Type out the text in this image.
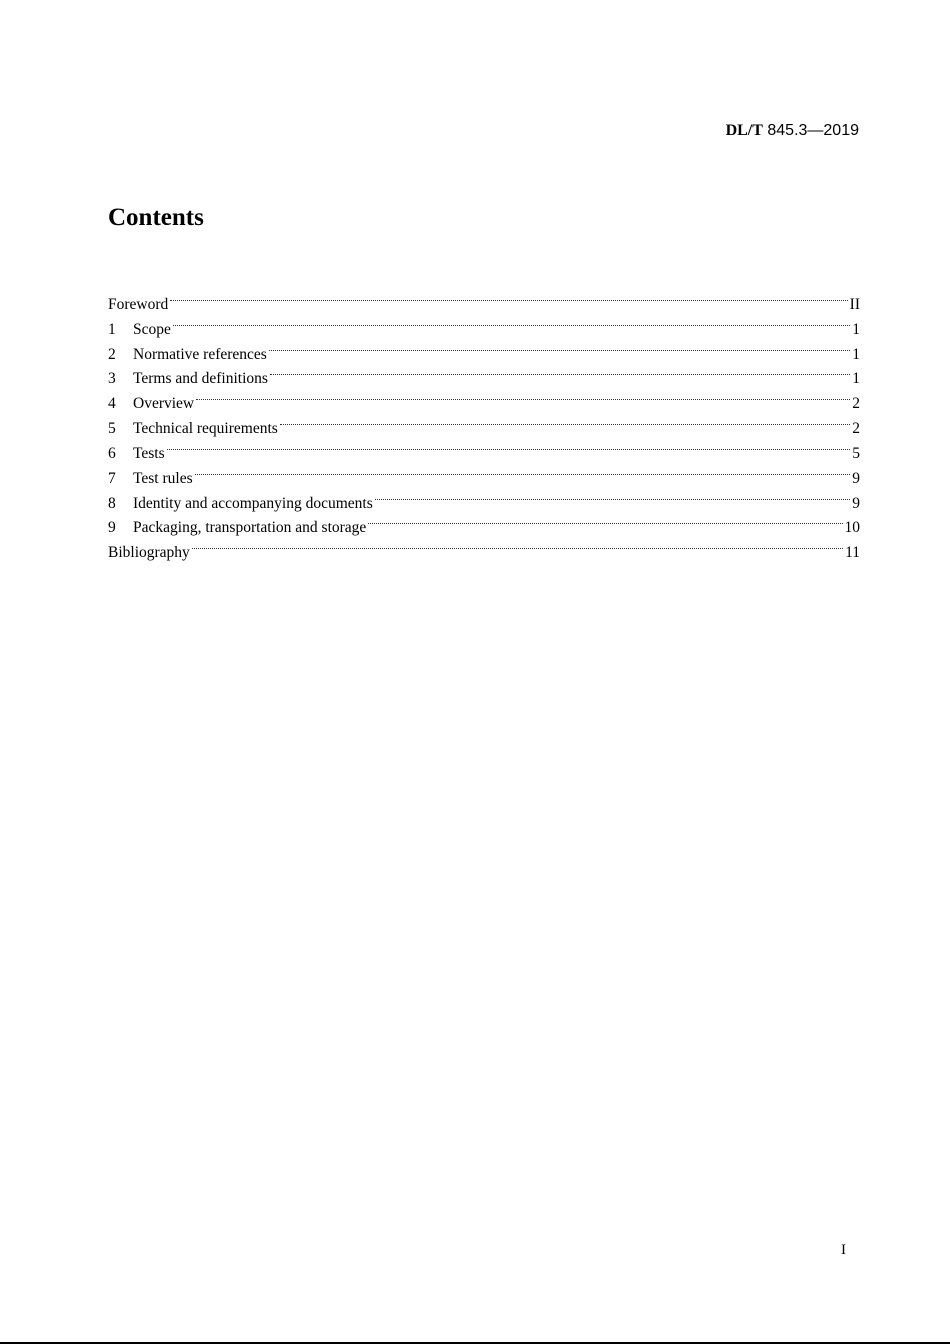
DL/T 845.3—2019
Contents
Foreword	II
1	Scope	1
2	Normative references	1
3	Terms and definitions	1
4	Overview	2
5	Technical requirements	2
6	Tests	5
7	Test rules	9
8	Identity and accompanying documents	9
9	Packaging, transportation and storage	10
Bibliography	11
I
